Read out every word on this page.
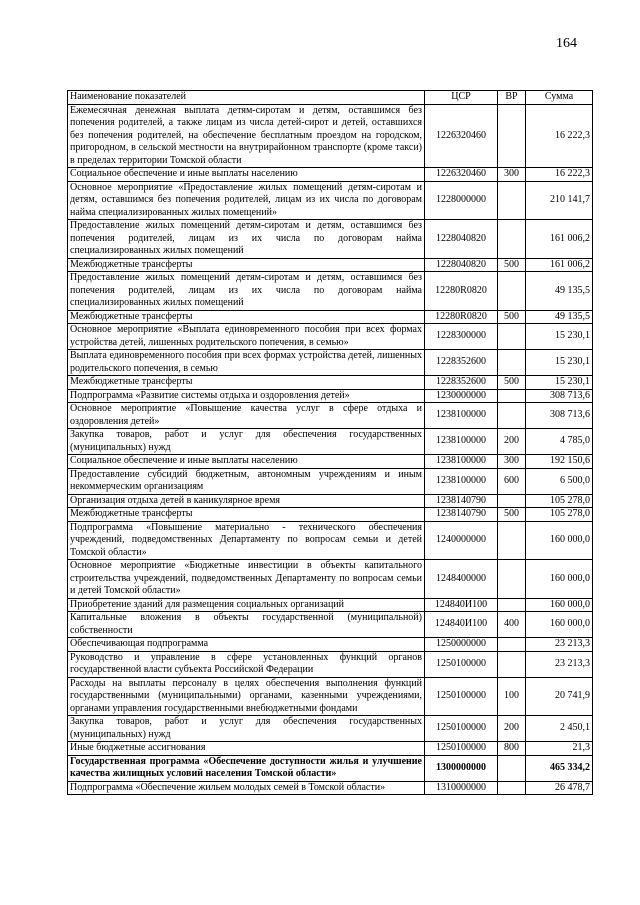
164
Наименование показателей	ЦСР	ВР	Сумма
Ежемесячная денежная выплата детям-сиротам и детям, оставшимся без попечения родителей, а также лицам из числа детей-сирот и детей, оставшихся без попечения родителей, на обеспечение бесплатным проездом на городском, пригородном, в сельской местности на внутрирайонном транспорте (кроме такси) в пределах территории Томской области	1226320460		16 222,3
Социальное обеспечение и иные выплаты населению	1226320460	300	16 222,3
Основное мероприятие «Предоставление жилых помещений детям-сиротам и детям, оставшимся без попечения родителей, лицам из их числа по договорам найма специализированных жилых помещений»	1228000000		210 141,7
Предоставление жилых помещений детям-сиротам и детям, оставшимся без попечения родителей, лицам из их числа по договорам найма специализированных жилых помещений	1228040820		161 006,2
Межбюджетные трансферты	1228040820	500	161 006,2
Предоставление жилых помещений детям-сиротам и детям, оставшимся без попечения родителей, лицам из их числа по договорам найма специализированных жилых помещений	12280R0820		49 135,5
Межбюджетные трансферты	12280R0820	500	49 135,5
Основное мероприятие «Выплата единовременного пособия при всех формах устройства детей, лишенных родительского попечения, в семью»	1228300000		15 230,1
Выплата единовременного пособия при всех формах устройства детей, лишенных родительского попечения, в семью	1228352600		15 230,1
Межбюджетные трансферты	1228352600	500	15 230,1
Подпрограмма «Развитие системы отдыха и оздоровления детей»	1230000000		308 713,6
Основное мероприятие «Повышение качества услуг в сфере отдыха и оздоровления детей»	1238100000		308 713,6
Закупка товаров, работ и услуг для обеспечения государственных (муниципальных) нужд	1238100000	200	4 785,0
Социальное обеспечение и иные выплаты населению	1238100000	300	192 150,6
Предоставление субсидий бюджетным, автономным учреждениям и иным некоммерческим организациям	1238100000	600	6 500,0
Организация отдыха детей в каникулярное время	1238140790		105 278,0
Межбюджетные трансферты	1238140790	500	105 278,0
Подпрограмма «Повышение материально - технического обеспечения учреждений, подведомственных Департаменту по вопросам семьи и детей Томской области»	1240000000		160 000,0
Основное мероприятие «Бюджетные инвестиции в объекты капитального строительства учреждений, подведомственных Департаменту по вопросам семьи и детей Томской области»	1248400000		160 000,0
Приобретение зданий для размещения социальных организаций	124840И100		160 000,0
Капитальные вложения в объекты государственной (муниципальной) собственности	124840И100	400	160 000,0
Обеспечивающая подпрограмма	1250000000		23 213,3
Руководство и управление в сфере установленных функций органов государственной власти субъекта Российской Федерации	1250100000		23 213,3
Расходы на выплаты персоналу в целях обеспечения выполнения функций государственными (муниципальными) органами, казенными учреждениями, органами управления государственными внебюджетными фондами	1250100000	100	20 741,9
Закупка товаров, работ и услуг для обеспечения государственных (муниципальных) нужд	1250100000	200	2 450,1
Иные бюджетные ассигнования	1250100000	800	21,3
Государственная программа «Обеспечение доступности жилья и улучшение качества жилищных условий населения Томской области»	1300000000		465 334,2
Подпрограмма «Обеспечение жильем молодых семей в Томской области»	1310000000		26 478,7
